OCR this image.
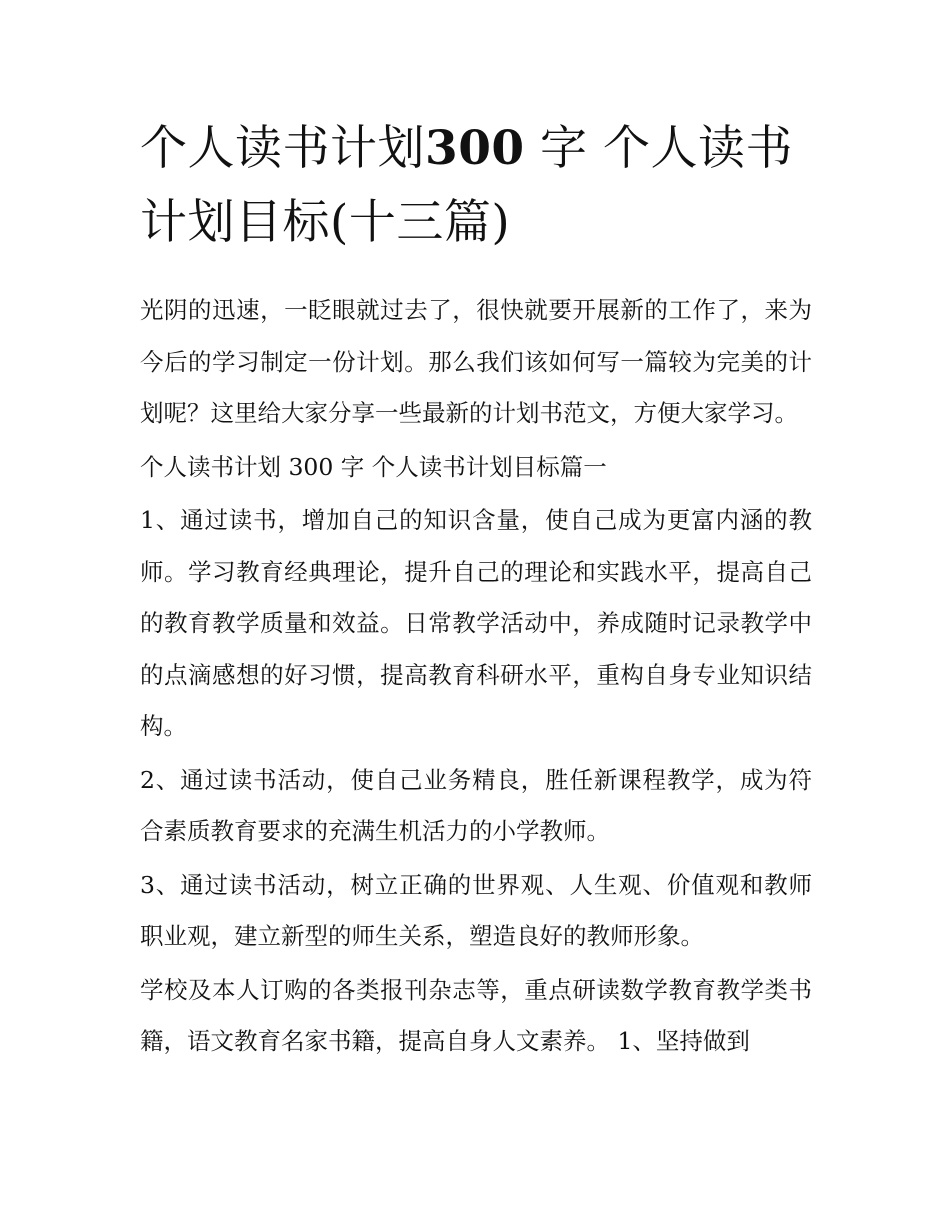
个人读书计划300 字 个人读书计划目标(十三篇)

光阴的迅速，一眨眼就过去了，很快就要开展新的工作了，来为今后的学习制定一份计划。那么我们该如何写一篇较为完美的计划呢？这里给大家分享一些最新的计划书范文，方便大家学习。

个人读书计划 300 字 个人读书计划目标篇一

1、通过读书，增加自己的知识含量，使自己成为更富内涵的教师。学习教育经典理论，提升自己的理论和实践水平，提高自己的教育教学质量和效益。日常教学活动中，养成随时记录教学中的点滴感想的好习惯，提高教育科研水平，重构自身专业知识结构。

2、通过读书活动，使自己业务精良，胜任新课程教学，成为符合素质教育要求的充满生机活力的小学教师。

3、通过读书活动，树立正确的世界观、人生观、价值观和教师职业观，建立新型的师生关系，塑造良好的教师形象。

学校及本人订购的各类报刊杂志等，重点研读数学教育教学类书籍，语文教育名家书籍，提高自身人文素养。 1、坚持做到
